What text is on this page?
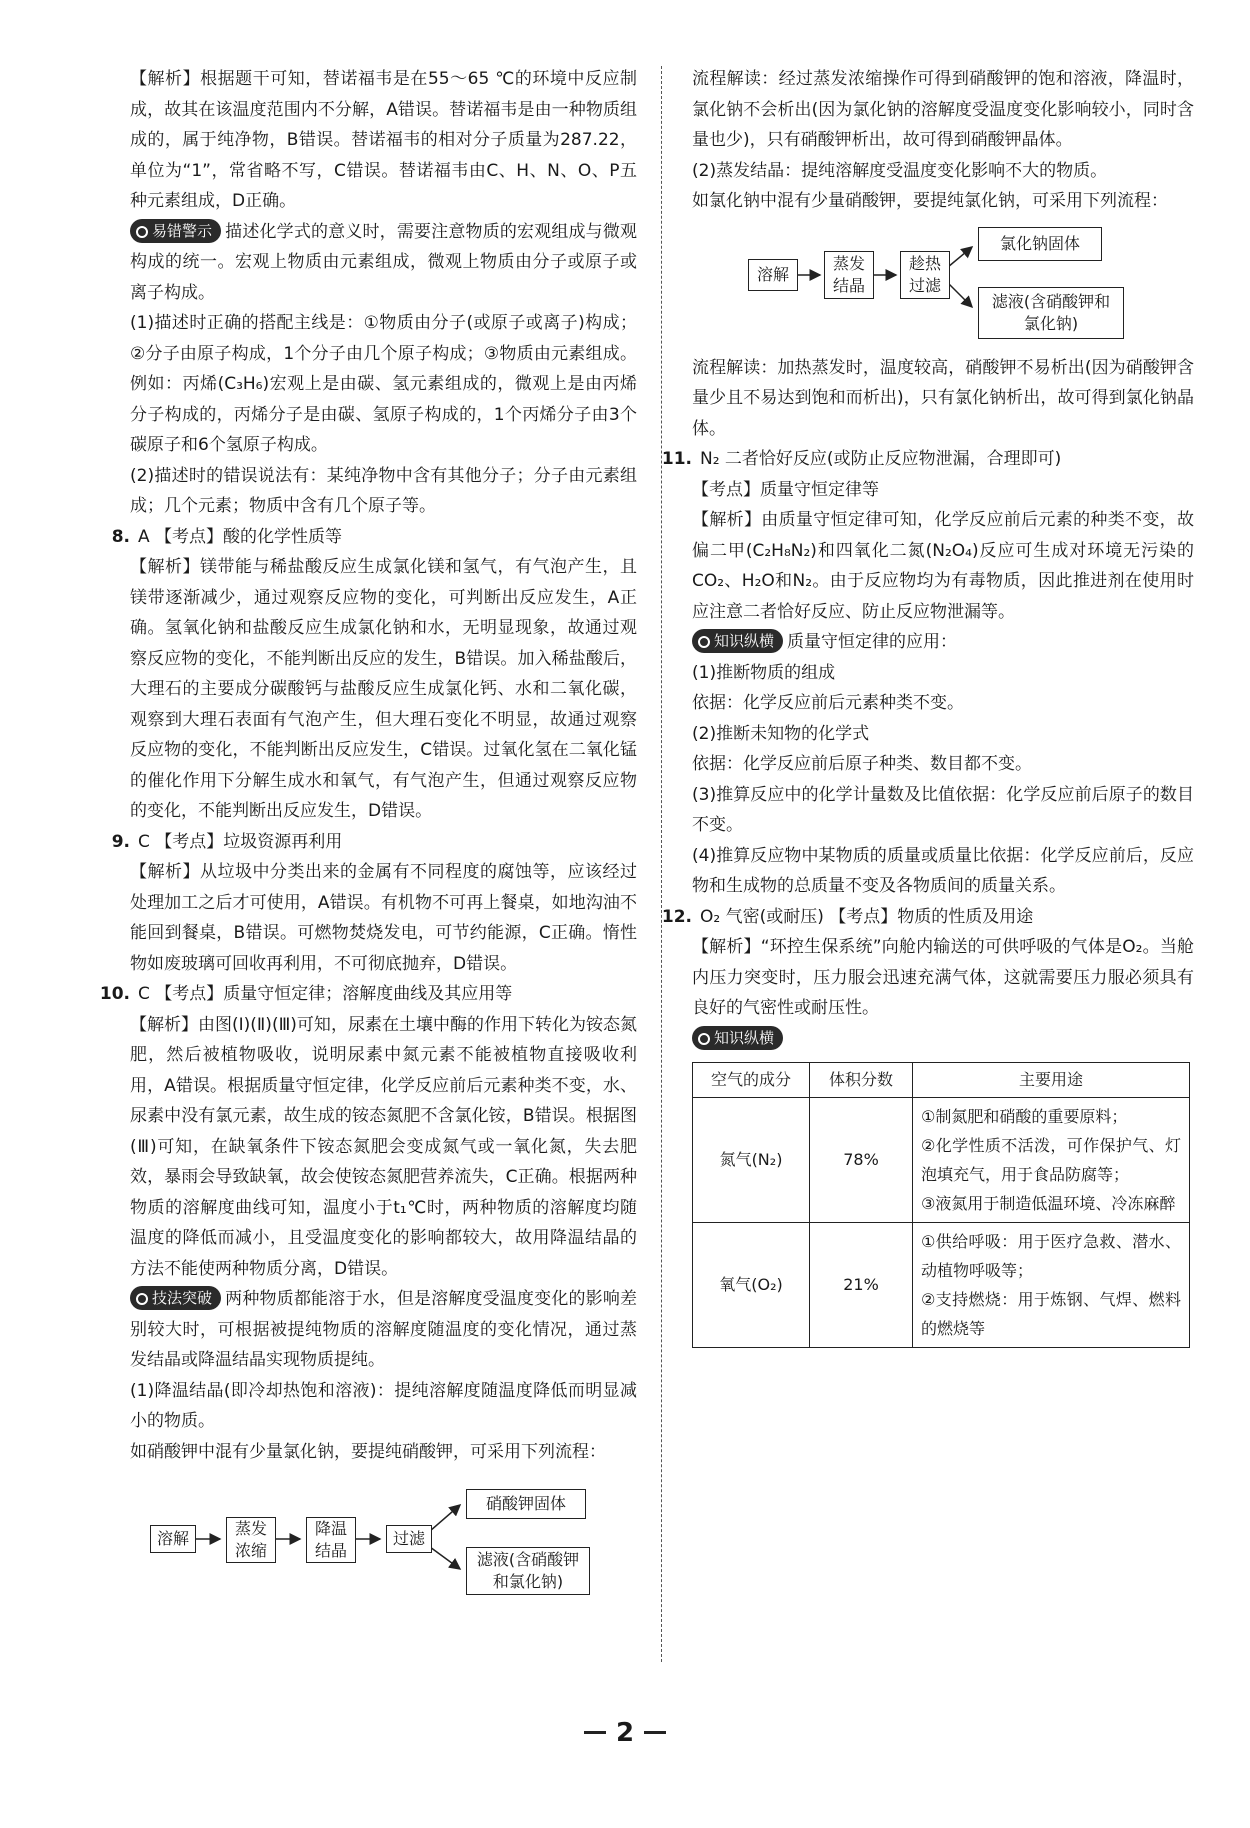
【解析】根据题干可知，替诺福韦是在55～65 ℃的环境中反应制成，故其在该温度范围内不分解，A错误。替诺福韦是由一种物质组成的，属于纯净物，B错误。替诺福韦的相对分子质量为287.22，单位为“1”，常省略不写，C错误。替诺福韦由C、H、N、O、P五种元素组成，D正确。

易错警示 描述化学式的意义时，需要注意物质的宏观组成与微观构成的统一。宏观上物质由元素组成，微观上物质由分子或原子或离子构成。

(1)描述时正确的搭配主线是：①物质由分子(或原子或离子)构成；②分子由原子构成，1个分子由几个原子构成；③物质由元素组成。例如：丙烯(C₃H₆)宏观上是由碳、氢元素组成的，微观上是由丙烯分子构成的，丙烯分子是由碳、氢原子构成的，1个丙烯分子由3个碳原子和6个氢原子构成。

(2)描述时的错误说法有：某纯净物中含有其他分子；分子由元素组成；几个元素；物质中含有几个原子等。

8. A 【考点】酸的化学性质等

【解析】镁带能与稀盐酸反应生成氯化镁和氢气，有气泡产生，且镁带逐渐减少，通过观察反应物的变化，可判断出反应发生，A正确。氢氧化钠和盐酸反应生成氯化钠和水，无明显现象，故通过观察反应物的变化，不能判断出反应的发生，B错误。加入稀盐酸后，大理石的主要成分碳酸钙与盐酸反应生成氯化钙、水和二氧化碳，观察到大理石表面有气泡产生，但大理石变化不明显，故通过观察反应物的变化，不能判断出反应发生，C错误。过氧化氢在二氧化锰的催化作用下分解生成水和氧气，有气泡产生，但通过观察反应物的变化，不能判断出反应发生，D错误。

9. C 【考点】垃圾资源再利用

【解析】从垃圾中分类出来的金属有不同程度的腐蚀等，应该经过处理加工之后才可使用，A错误。有机物不可再上餐桌，如地沟油不能回到餐桌，B错误。可燃物焚烧发电，可节约能源，C正确。惰性物如废玻璃可回收再利用，不可彻底抛弃，D错误。

10. C 【考点】质量守恒定律；溶解度曲线及其应用等

【解析】由图(Ⅰ)(Ⅱ)(Ⅲ)可知，尿素在土壤中酶的作用下转化为铵态氮肥，然后被植物吸收，说明尿素中氮元素不能被植物直接吸收利用，A错误。根据质量守恒定律，化学反应前后元素种类不变，水、尿素中没有氯元素，故生成的铵态氮肥不含氯化铵，B错误。根据图(Ⅲ)可知，在缺氧条件下铵态氮肥会变成氮气或一氧化氮，失去肥效，暴雨会导致缺氧，故会使铵态氮肥营养流失，C正确。根据两种物质的溶解度曲线可知，温度小于t₁℃时，两种物质的溶解度均随温度的降低而减小，且受温度变化的影响都较大，故用降温结晶的方法不能使两种物质分离，D错误。

技法突破 两种物质都能溶于水，但是溶解度受温度变化的影响差别较大时，可根据被提纯物质的溶解度随温度的变化情况，通过蒸发结晶或降温结晶实现物质提纯。

(1)降温结晶(即冷却热饱和溶液)：提纯溶解度随温度降低而明显减小的物质。

如硝酸钾中混有少量氯化钠，要提纯硝酸钾，可采用下列流程：

溶解
蒸发浓缩
降温结晶
过滤
硝酸钾固体
滤液(含硝酸钾和氯化钠)

流程解读：经过蒸发浓缩操作可得到硝酸钾的饱和溶液，降温时，氯化钠不会析出(因为氯化钠的溶解度受温度变化影响较小，同时含量也少)，只有硝酸钾析出，故可得到硝酸钾晶体。

(2)蒸发结晶：提纯溶解度受温度变化影响不大的物质。

如氯化钠中混有少量硝酸钾，要提纯氯化钠，可采用下列流程：

溶解
蒸发结晶
趁热过滤
氯化钠固体
滤液(含硝酸钾和氯化钠)

流程解读：加热蒸发时，温度较高，硝酸钾不易析出(因为硝酸钾含量少且不易达到饱和而析出)，只有氯化钠析出，故可得到氯化钠晶体。

11. N₂ 二者恰好反应(或防止反应物泄漏，合理即可)

【考点】质量守恒定律等

【解析】由质量守恒定律可知，化学反应前后元素的种类不变，故偏二甲(C₂H₈N₂)和四氧化二氮(N₂O₄)反应可生成对环境无污染的CO₂、H₂O和N₂。由于反应物均为有毒物质，因此推进剂在使用时应注意二者恰好反应、防止反应物泄漏等。

知识纵横 质量守恒定律的应用：

(1)推断物质的组成

依据：化学反应前后元素种类不变。

(2)推断未知物的化学式

依据：化学反应前后原子种类、数目都不变。

(3)推算反应中的化学计量数及比值依据：化学反应前后原子的数目不变。

(4)推算反应物中某物质的质量或质量比依据：化学反应前后，反应物和生成物的总质量不变及各物质间的质量关系。

12. O₂ 气密(或耐压) 【考点】物质的性质及用途

【解析】“环控生保系统”向舱内输送的可供呼吸的气体是O₂。当舱内压力突变时，压力服会迅速充满气体，这就需要压力服必须具有良好的气密性或耐压性。

知识纵横

空气的成分	体积分数	主要用途
氮气(N₂)	78%	①制氮肥和硝酸的重要原料；
②化学性质不活泼，可作保护气、灯泡填充气，用于食品防腐等；
③液氮用于制造低温环境、冷冻麻醉

氧气(O₂)	21%	①供给呼吸：用于医疗急救、潜水、动植物呼吸等；
②支持燃烧：用于炼钢、气焊、燃料的燃烧等
2
